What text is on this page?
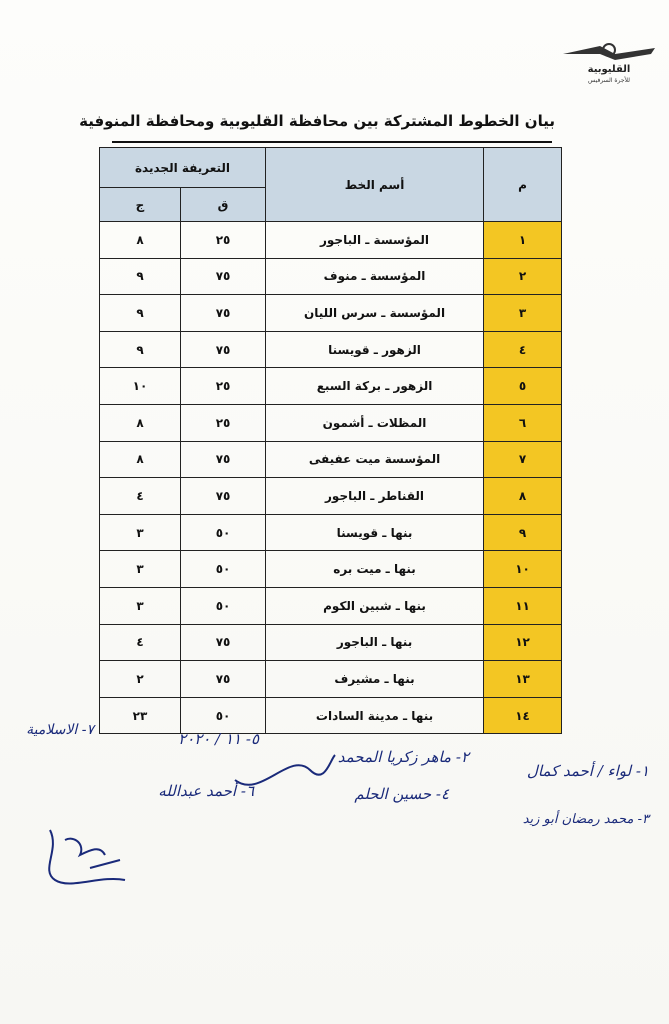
القليوبية
للأجرة السرفيس
بيان الخطوط المشتركة بين محافظة القليوبية ومحافظة المنوفية
م	أسم الخط	التعريفة الجديدة	
		ق	ج
١	المؤسسة ـ الباجور	٢٥	٨
٢	المؤسسة ـ منوف	٧٥	٩
٣	المؤسسة ـ سرس الليان	٧٥	٩
٤	الزهور ـ قويسنا	٧٥	٩
٥	الزهور ـ بركة السبع	٢٥	١٠
٦	المظلات ـ أشمون	٢٥	٨
٧	المؤسسة ميت عفيفى	٧٥	٨
٨	القناطر ـ الباجور	٧٥	٤
٩	بنها ـ قويسنا	٥٠	٣
١٠	بنها ـ ميت بره	٥٠	٣
١١	بنها ـ شبين الكوم	٥٠	٣
١٢	بنها ـ الباجور	٧٥	٤
١٣	بنها ـ مشيرف	٧٥	٢
١٤	بنها ـ مدينة السادات	٥٠	٢٣
١- لواء / أحمد كمال
٢- ماهر زكريا المحمد
٣- محمد رمضان أبو زيد
٤- حسين الحلم
٥- ١١ / ٢٠٢٠
٦- أحمد عبدالله
٧- الاسلامية
